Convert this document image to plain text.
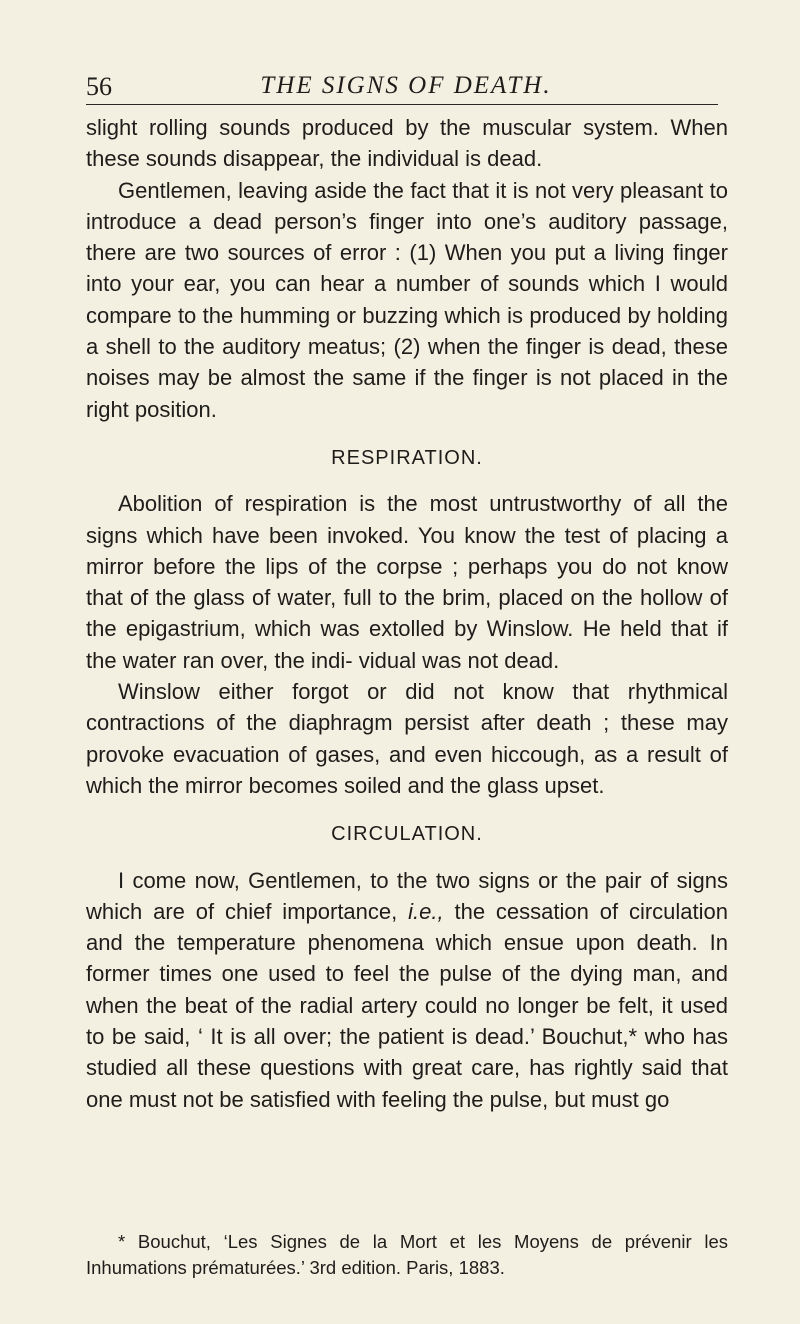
56	THE SIGNS OF DEATH.

slight rolling sounds produced by the muscular system. When these sounds disappear, the individual is dead.

Gentlemen, leaving aside the fact that it is not very pleasant to introduce a dead person’s finger into one’s auditory passage, there are two sources of error : (1) When you put a living finger into your ear, you can hear a number of sounds which I would compare to the humming or buzzing which is produced by holding a shell to the auditory meatus; (2) when the finger is dead, these noises may be almost the same if the finger is not placed in the right position.

RESPIRATION.

Abolition of respiration is the most untrustworthy of all the signs which have been invoked. You know the test of placing a mirror before the lips of the corpse ; perhaps you do not know that of the glass of water, full to the brim, placed on the hollow of the epigastrium, which was extolled by Winslow. He held that if the water ran over, the indi- vidual was not dead.

Winslow either forgot or did not know that rhythmical contractions of the diaphragm persist after death ; these may provoke evacuation of gases, and even hiccough, as a result of which the mirror becomes soiled and the glass upset.

CIRCULATION.

I come now, Gentlemen, to the two signs or the pair of signs which are of chief importance, i.e., the cessation of circulation and the temperature phenomena which ensue upon death. In former times one used to feel the pulse of the dying man, and when the beat of the radial artery could no longer be felt, it used to be said, ‘ It is all over; the patient is dead.’ Bouchut,* who has studied all these questions with great care, has rightly said that one must not be satisfied with feeling the pulse, but must go

* Bouchut, ‘Les Signes de la Mort et les Moyens de prévenir les Inhumations prématurées.’ 3rd edition. Paris, 1883.
